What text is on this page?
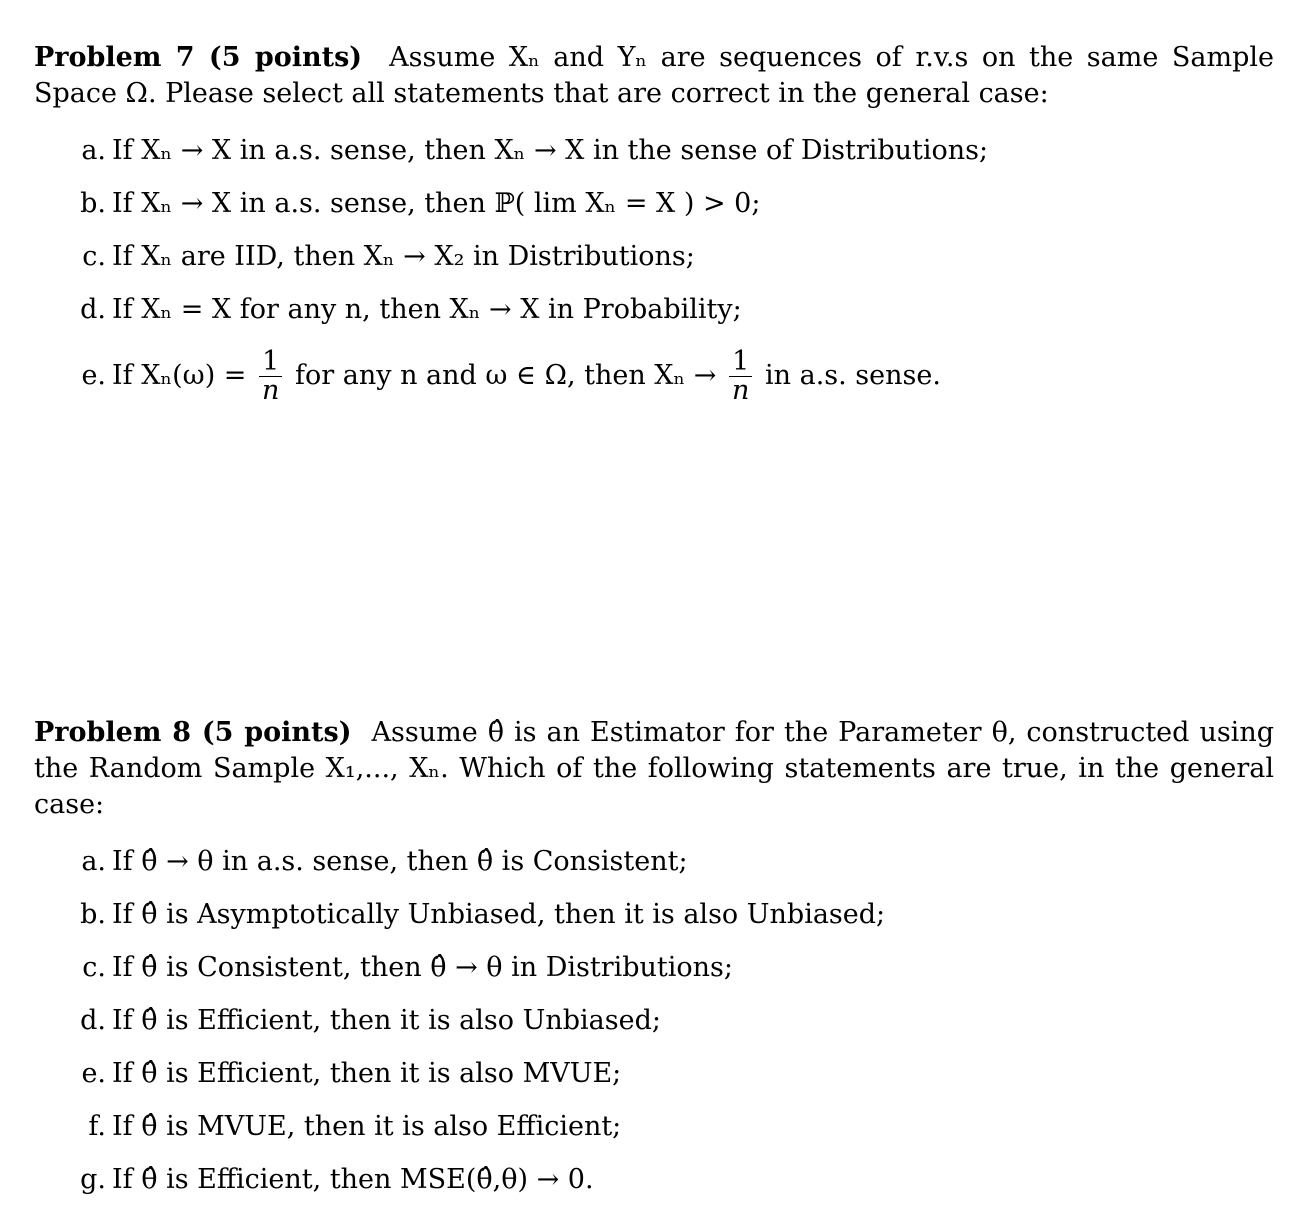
Problem 7 (5 points) Assume Xₙ and Yₙ are sequences of r.v.s on the same Sample Space Ω. Please select all statements that are correct in the general case:
a. If Xₙ → X in a.s. sense, then Xₙ → X in the sense of Distributions;
b. If Xₙ → X in a.s. sense, then ℙ( lim Xₙ = X ) > 0;
c. If Xₙ are IID, then Xₙ → X₂ in Distributions;
d. If Xₙ = X for any n, then Xₙ → X in Probability;
e. If $X_n(\omega) = \frac{1}{n}$ for any n and ω ∈ Ω, then $X_n \to \frac{1}{n}$ in a.s. sense.
Problem 8 (5 points) Assume θ̂ is an Estimator for the Parameter θ, constructed using the Random Sample X₁,..., Xₙ. Which of the following statements are true, in the general case:
a. If θ̂ → θ in a.s. sense, then θ̂ is Consistent;
b. If θ̂ is Asymptotically Unbiased, then it is also Unbiased;
c. If θ̂ is Consistent, then θ̂ → θ in Distributions;
d. If θ̂ is Efficient, then it is also Unbiased;
e. If θ̂ is Efficient, then it is also MVUE;
f. If θ̂ is MVUE, then it is also Efficient;
g. If θ̂ is Efficient, then MSE(θ̂,θ) → 0.
